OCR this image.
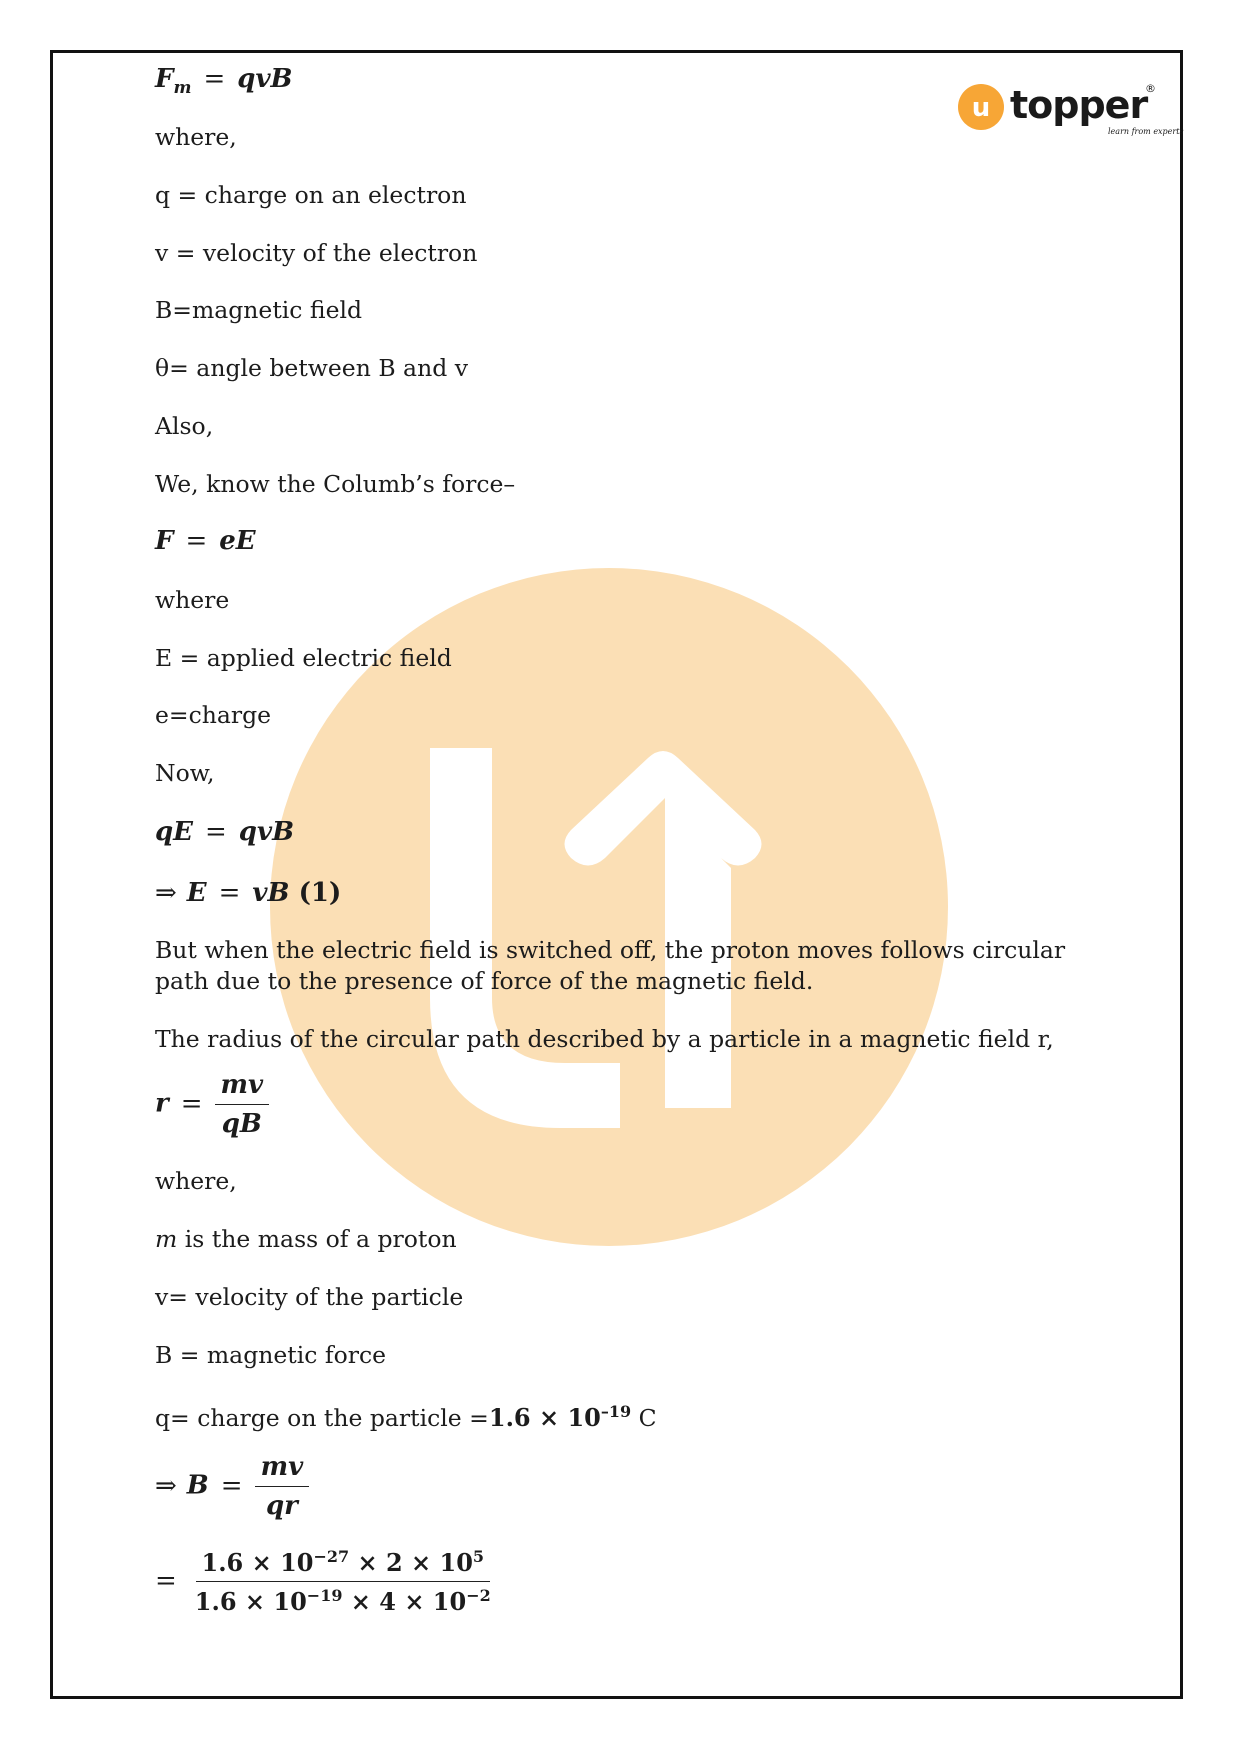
u topper
®
learn from experts
$F_m$ = qvB
where,
q = charge on an electron
v = velocity of the electron
B=magnetic field
θ= angle between B and v
Also,
We, know the Columb’s force–
F = eE
where
E = applied electric field
e=charge
Now,
qE = qvB
⇒ E = vB (1)
But when the electric field is switched off, the proton moves follows circular path due to the presence of force of the magnetic field.
The radius of the circular path described by a particle in a magnetic field r,
$r = \frac{mv}{qB}$
where,
m is the mass of a proton
v= velocity of the particle
B = magnetic force
q= charge on the particle $=1.6 \times 10^{-19}$ C
⇒ $B = \frac{mv}{qr}$
= $\frac{1.6 \times 10^{-27} \times 2 \times 10^5}{1.6 \times 10^{-19} \times 4 \times 10^{-2}}$
